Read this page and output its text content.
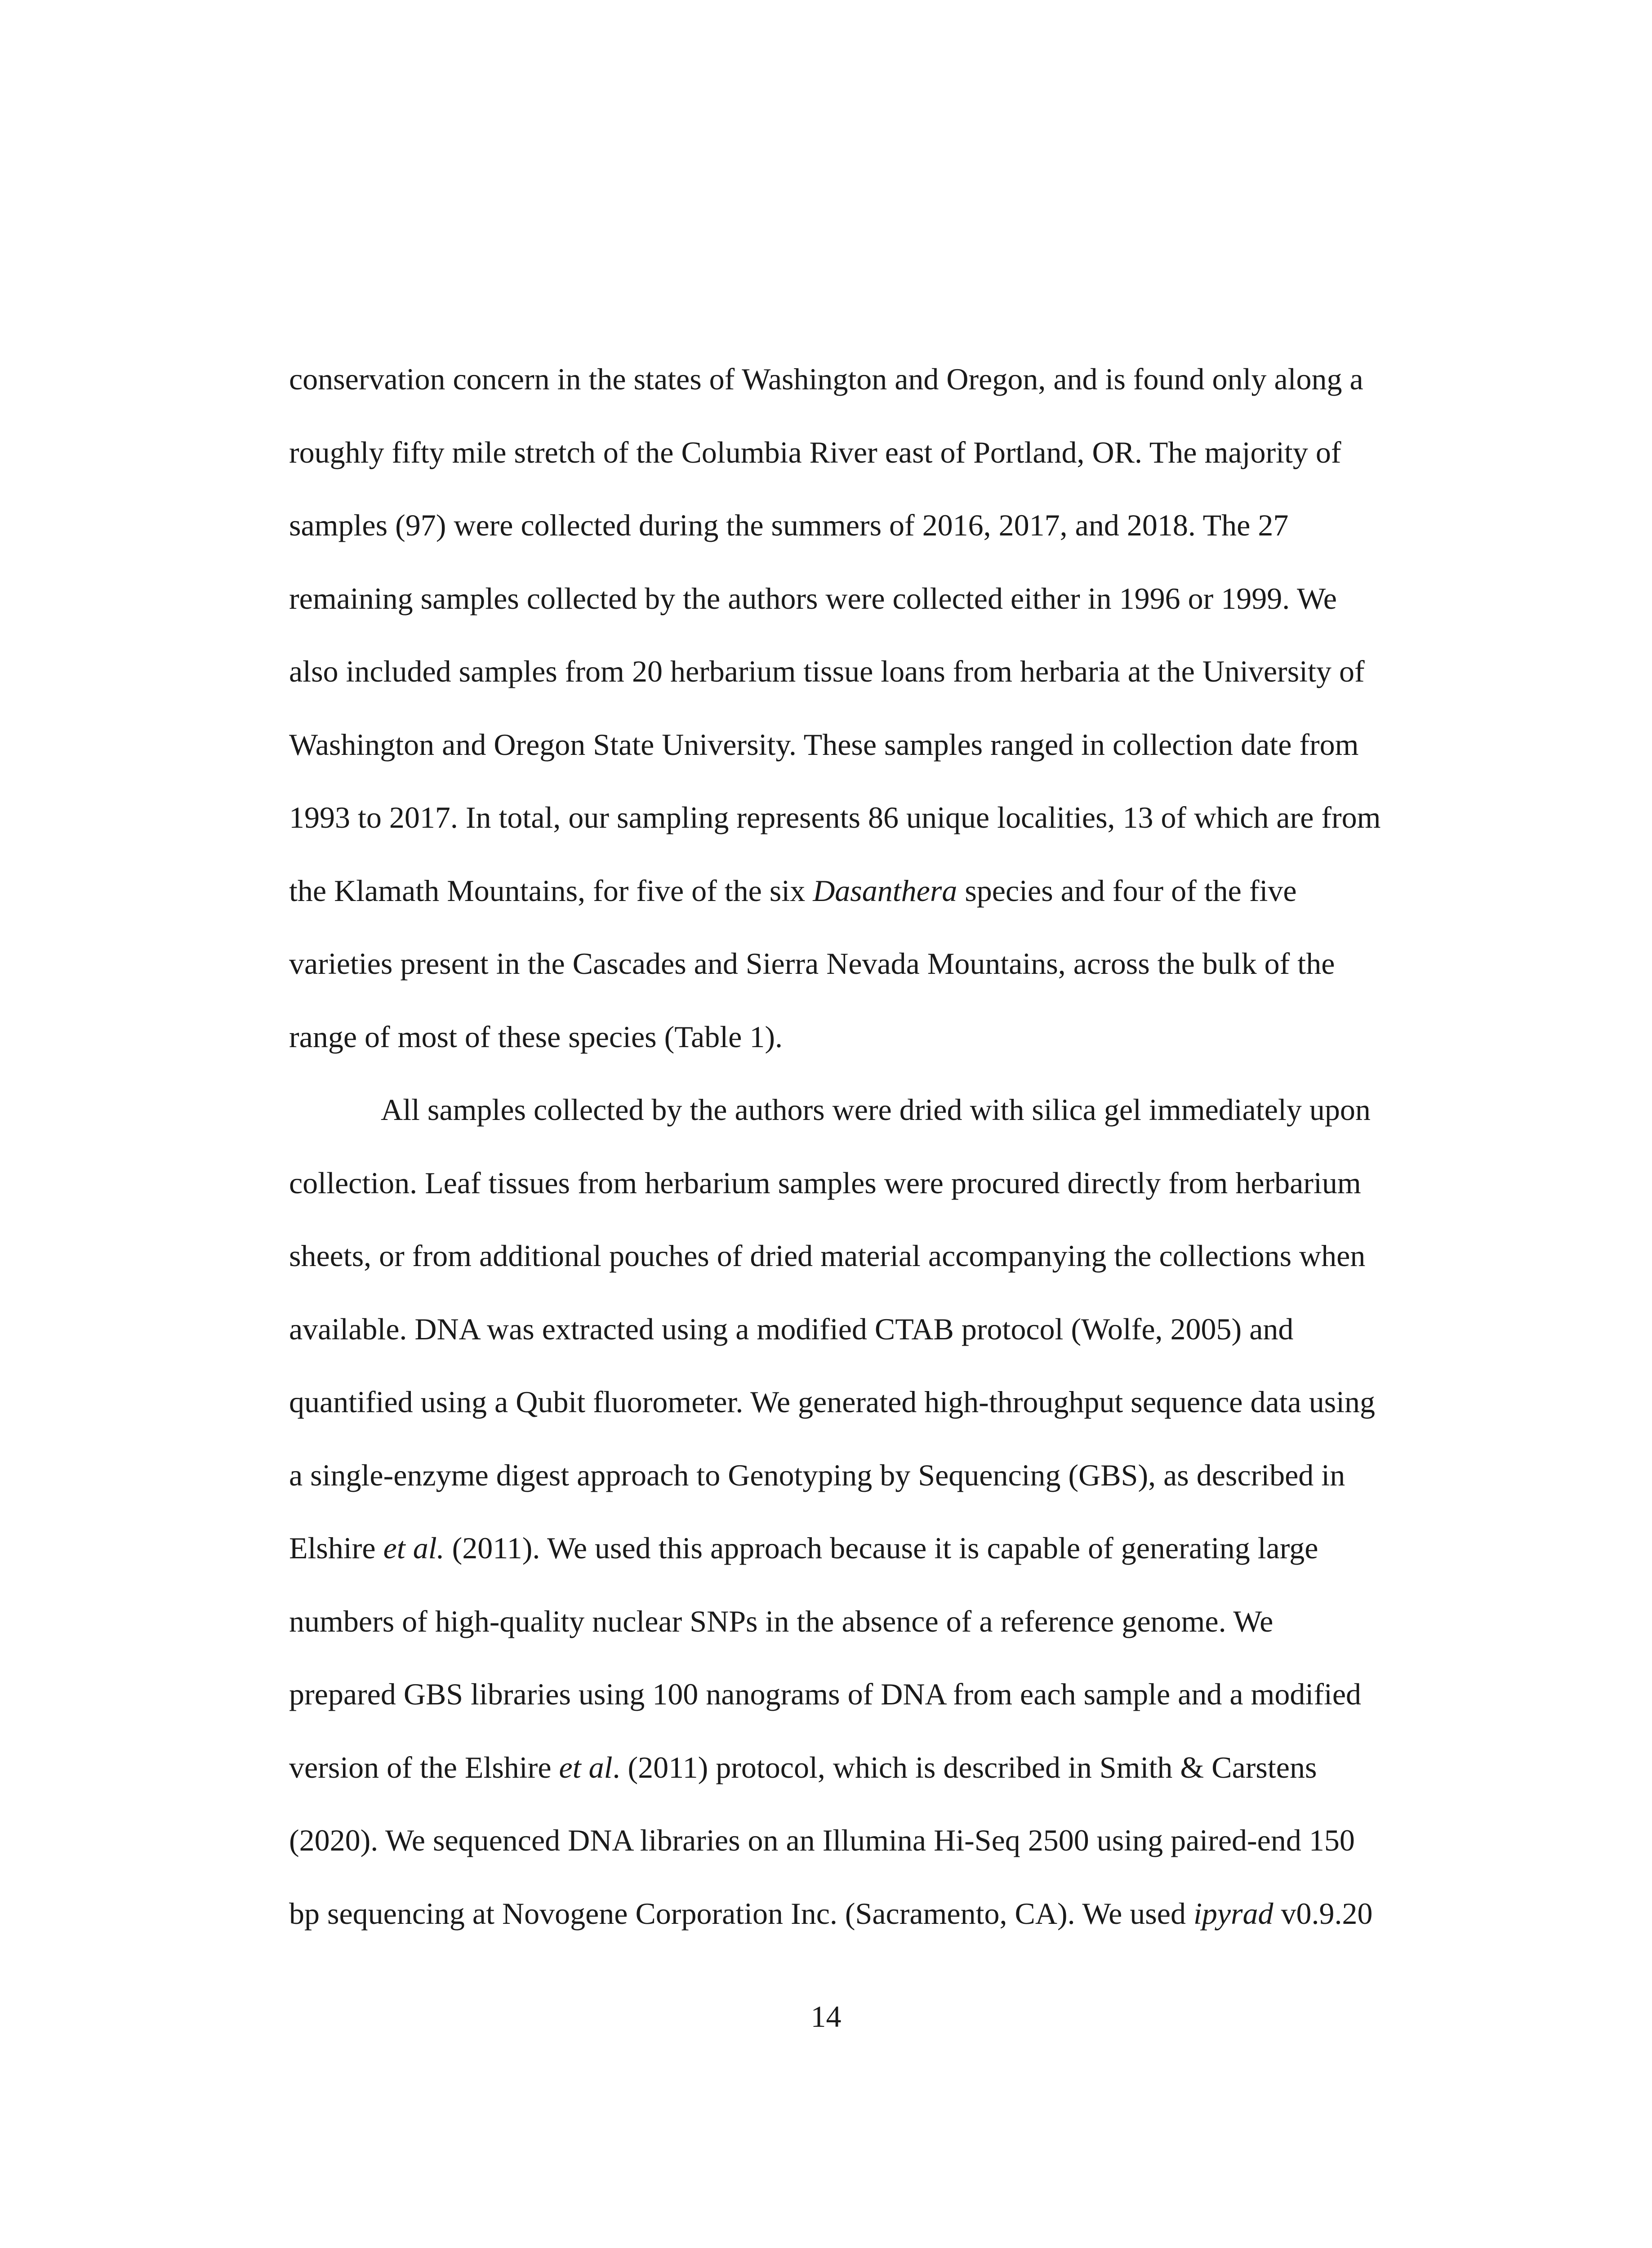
conservation concern in the states of Washington and Oregon, and is found only along a
roughly fifty mile stretch of the Columbia River east of Portland, OR. The majority of
samples (97) were collected during the summers of 2016, 2017, and 2018. The 27
remaining samples collected by the authors were collected either in 1996 or 1999. We
also included samples from 20 herbarium tissue loans from herbaria at the University of
Washington and Oregon State University. These samples ranged in collection date from
1993 to 2017. In total, our sampling represents 86 unique localities, 13 of which are from
the Klamath Mountains, for five of the six Dasanthera species and four of the five
varieties present in the Cascades and Sierra Nevada Mountains, across the bulk of the
range of most of these species (Table 1).
All samples collected by the authors were dried with silica gel immediately upon
collection. Leaf tissues from herbarium samples were procured directly from herbarium
sheets, or from additional pouches of dried material accompanying the collections when
available. DNA was extracted using a modified CTAB protocol (Wolfe, 2005) and
quantified using a Qubit fluorometer. We generated high-throughput sequence data using
a single-enzyme digest approach to Genotyping by Sequencing (GBS), as described in
Elshire et al. (2011). We used this approach because it is capable of generating large
numbers of high-quality nuclear SNPs in the absence of a reference genome. We
prepared GBS libraries using 100 nanograms of DNA from each sample and a modified
version of the Elshire et al. (2011) protocol, which is described in Smith & Carstens
(2020). We sequenced DNA libraries on an Illumina Hi-Seq 2500 using paired-end 150
bp sequencing at Novogene Corporation Inc. (Sacramento, CA). We used ipyrad v0.9.20
14
